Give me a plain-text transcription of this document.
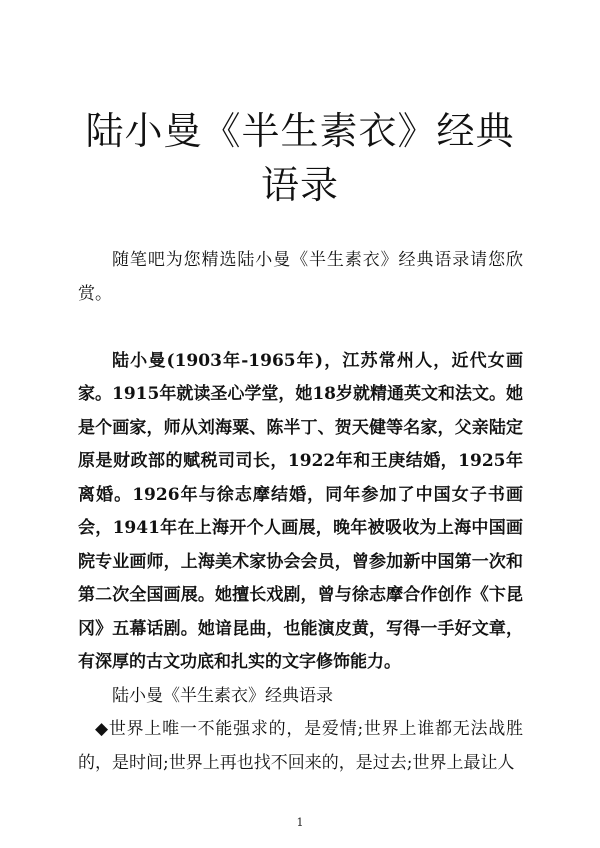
陆小曼《半生素衣》经典
语录

随笔吧为您精选陆小曼《半生素衣》经典语录请您欣赏。

陆小曼(1903年-1965年)，江苏常州人，近代女画家。1915年就读圣心学堂，她18岁就精通英文和法文。她是个画家，师从刘海粟、陈半丁、贺天健等名家，父亲陆定原是财政部的赋税司司长，1922年和王庚结婚，1925年离婚。1926年与徐志摩结婚，同年参加了中国女子书画会，1941年在上海开个人画展，晚年被吸收为上海中国画院专业画师，上海美术家协会会员，曾参加新中国第一次和第二次全国画展。她擅长戏剧，曾与徐志摩合作创作《卞昆冈》五幕话剧。她谙昆曲，也能演皮黄，写得一手好文章，有深厚的古文功底和扎实的文字修饰能力。

陆小曼《半生素衣》经典语录

◆世界上唯一不能强求的，是爱情;世界上谁都无法战胜的，是时间;世界上再也找不回来的，是过去;世界上最让人

1
